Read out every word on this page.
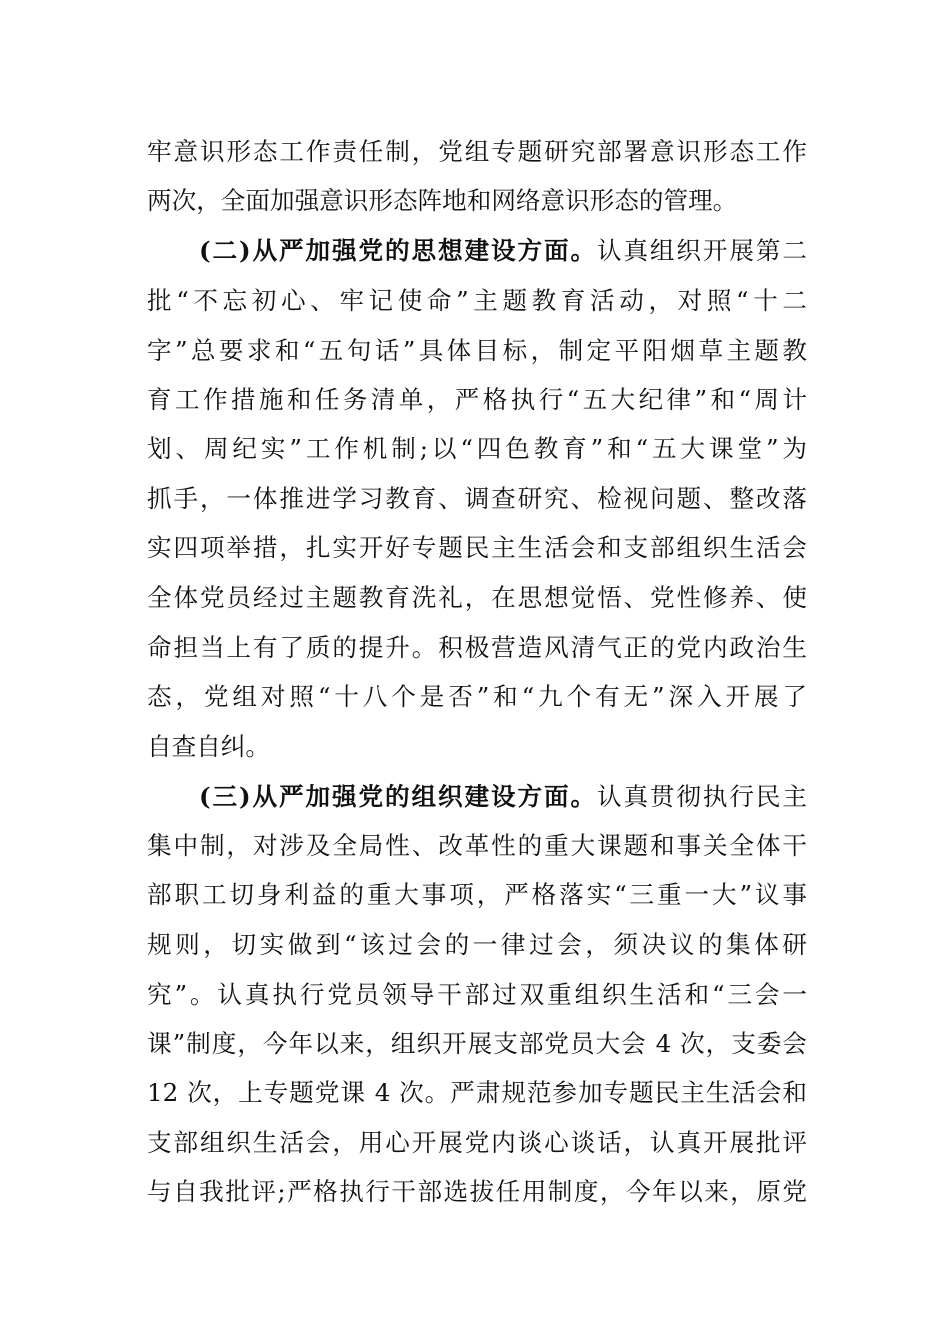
牢意识形态工作责任制，党组专题研究部署意识形态工作
两次，全面加强意识形态阵地和网络意识形态的管理。
(二)从严加强党的思想建设方面。认真组织开展第二
批“不忘初心、牢记使命”主题教育活动，对照“十二
字”总要求和“五句话”具体目标，制定平阳烟草主题教
育工作措施和任务清单，严格执行“五大纪律”和“周计
划、周纪实”工作机制;以“四色教育”和“五大课堂”为
抓手，一体推进学习教育、调查研究、检视问题、整改落
实四项举措，扎实开好专题民主生活会和支部组织生活会
全体党员经过主题教育洗礼，在思想觉悟、党性修养、使
命担当上有了质的提升。积极营造风清气正的党内政治生
态，党组对照“十八个是否”和“九个有无”深入开展了
自查自纠。
(三)从严加强党的组织建设方面。认真贯彻执行民主
集中制，对涉及全局性、改革性的重大课题和事关全体干
部职工切身利益的重大事项，严格落实“三重一大”议事
规则，切实做到“该过会的一律过会，须决议的集体研
究”。认真执行党员领导干部过双重组织生活和“三会一
课”制度，今年以来，组织开展支部党员大会 4 次，支委会
12 次，上专题党课 4 次。严肃规范参加专题民主生活会和
支部组织生活会，用心开展党内谈心谈话，认真开展批评
与自我批评;严格执行干部选拔任用制度，今年以来，原党
